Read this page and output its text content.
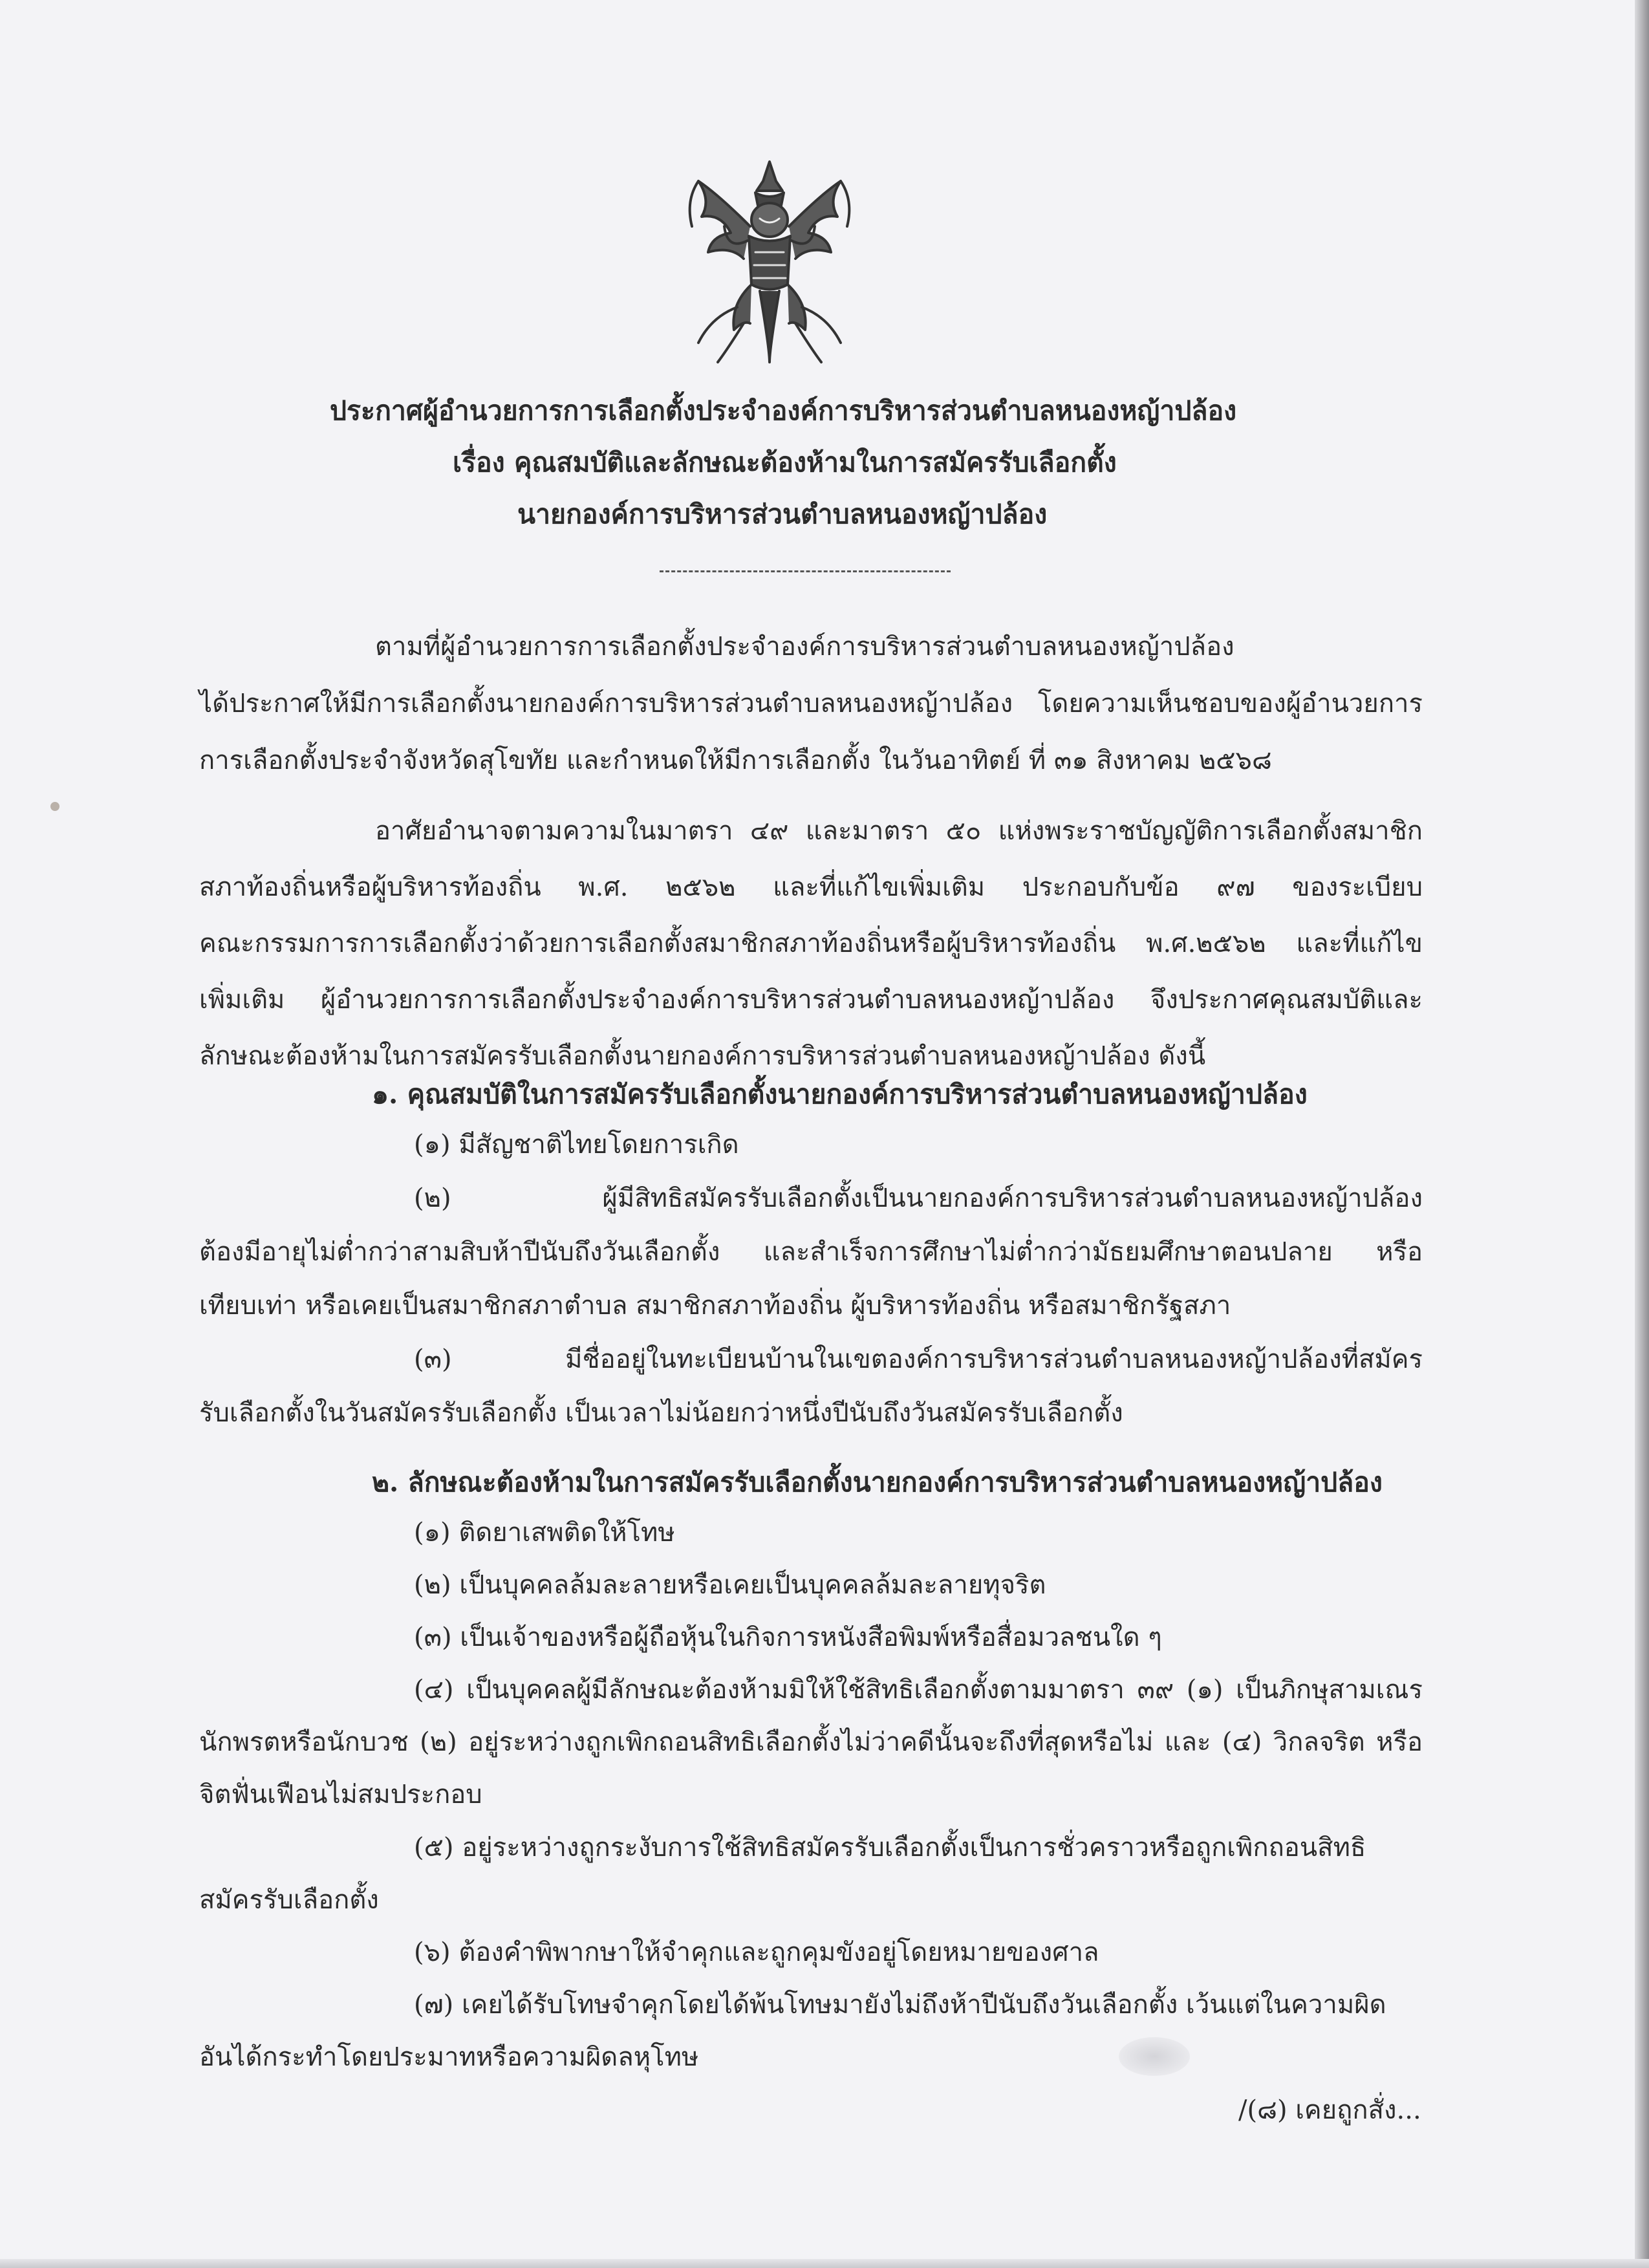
ประกาศผู้อำนวยการการเลือกตั้งประจำองค์การบริหารส่วนตำบลหนองหญ้าปล้อง
เรื่อง คุณสมบัติและลักษณะต้องห้ามในการสมัครรับเลือกตั้ง
นายกองค์การบริหารส่วนตำบลหนองหญ้าปล้อง
ตามที่ผู้อำนวยการการเลือกตั้งประจำองค์การบริหารส่วนตำบลหนองหญ้าปล้อง
ได้ประกาศให้มีการเลือกตั้งนายกองค์การบริหารส่วนตำบลหนองหญ้าปล้อง โดยความเห็นชอบของผู้อำนวยการ
การเลือกตั้งประจำจังหวัดสุโขทัย และกำหนดให้มีการเลือกตั้ง ในวันอาทิตย์ ที่ ๓๑ สิงหาคม ๒๕๖๘
อาศัยอำนาจตามความในมาตรา ๔๙ และมาตรา ๕๐ แห่งพระราชบัญญัติการเลือกตั้งสมาชิก
สภาท้องถิ่นหรือผู้บริหารท้องถิ่น พ.ศ. ๒๕๖๒ และที่แก้ไขเพิ่มเติม ประกอบกับข้อ ๙๗ ของระเบียบ
คณะกรรมการการเลือกตั้งว่าด้วยการเลือกตั้งสมาชิกสภาท้องถิ่นหรือผู้บริหารท้องถิ่น พ.ศ.๒๕๖๒ และที่แก้ไข
เพิ่มเติม ผู้อำนวยการการเลือกตั้งประจำองค์การบริหารส่วนตำบลหนองหญ้าปล้อง จึงประกาศคุณสมบัติและ
ลักษณะต้องห้ามในการสมัครรับเลือกตั้งนายกองค์การบริหารส่วนตำบลหนองหญ้าปล้อง ดังนี้
๑. คุณสมบัติในการสมัครรับเลือกตั้งนายกองค์การบริหารส่วนตำบลหนองหญ้าปล้อง
(๑) มีสัญชาติไทยโดยการเกิด
(๒) ผู้มีสิทธิสมัครรับเลือกตั้งเป็นนายกองค์การบริหารส่วนตำบลหนองหญ้าปล้อง
ต้องมีอายุไม่ต่ำกว่าสามสิบห้าปีนับถึงวันเลือกตั้ง และสำเร็จการศึกษาไม่ต่ำกว่ามัธยมศึกษาตอนปลาย หรือ
เทียบเท่า หรือเคยเป็นสมาชิกสภาตำบล สมาชิกสภาท้องถิ่น ผู้บริหารท้องถิ่น หรือสมาชิกรัฐสภา
(๓) มีชื่ออยู่ในทะเบียนบ้านในเขตองค์การบริหารส่วนตำบลหนองหญ้าปล้องที่สมัคร
รับเลือกตั้งในวันสมัครรับเลือกตั้ง เป็นเวลาไม่น้อยกว่าหนึ่งปีนับถึงวันสมัครรับเลือกตั้ง
๒. ลักษณะต้องห้ามในการสมัครรับเลือกตั้งนายกองค์การบริหารส่วนตำบลหนองหญ้าปล้อง
(๑) ติดยาเสพติดให้โทษ
(๒) เป็นบุคคลล้มละลายหรือเคยเป็นบุคคลล้มละลายทุจริต
(๓) เป็นเจ้าของหรือผู้ถือหุ้นในกิจการหนังสือพิมพ์หรือสื่อมวลชนใด ๆ
(๔) เป็นบุคคลผู้มีลักษณะต้องห้ามมิให้ใช้สิทธิเลือกตั้งตามมาตรา ๓๙ (๑) เป็นภิกษุสามเณร
นักพรตหรือนักบวช (๒) อยู่ระหว่างถูกเพิกถอนสิทธิเลือกตั้งไม่ว่าคดีนั้นจะถึงที่สุดหรือไม่ และ (๔) วิกลจริต หรือ
จิตฟั่นเฟือนไม่สมประกอบ
(๕) อยู่ระหว่างถูกระงับการใช้สิทธิสมัครรับเลือกตั้งเป็นการชั่วคราวหรือถูกเพิกถอนสิทธิ
สมัครรับเลือกตั้ง
(๖) ต้องคำพิพากษาให้จำคุกและถูกคุมขังอยู่โดยหมายของศาล
(๗) เคยได้รับโทษจำคุกโดยได้พ้นโทษมายังไม่ถึงห้าปีนับถึงวันเลือกตั้ง เว้นแต่ในความผิด
อันได้กระทำโดยประมาทหรือความผิดลหุโทษ
/(๘) เคยถูกสั่ง...
